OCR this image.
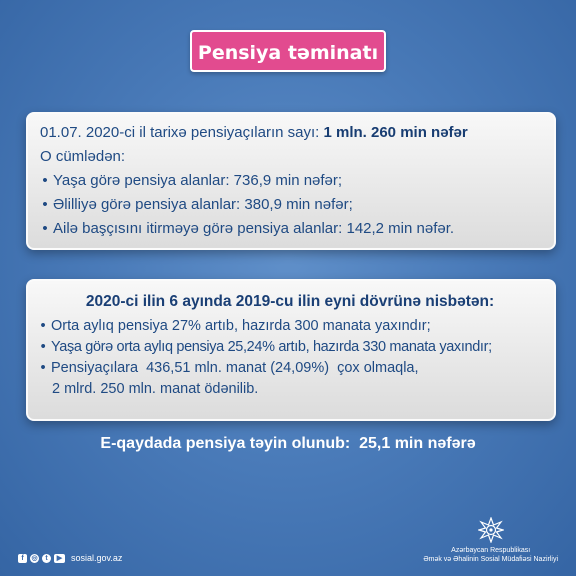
Pensiya təminatı
01.07. 2020-ci il tarixə pensiyaçıların sayı: 1 mln. 260 min nəfər
O cümlədən:
• Yaşa görə pensiya alanlar: 736,9 min nəfər;
• Əlilliyə görə pensiya alanlar: 380,9 min nəfər;
• Ailə başçısını itirməyə görə pensiya alanlar: 142,2 min nəfər.
2020-ci ilin 6 ayında 2019-cu ilin eyni dövrünə nisbətən:
• Orta aylıq pensiya 27% artıb, hazırda 300 manata yaxındır;
• Yaşa görə orta aylıq pensiya 25,24% artıb, hazırda 330 manata yaxındır;
• Pensiyaçılara  436,51 mln. manat (24,09%)  çox olmaqla,
2 mlrd. 250 mln. manat ödənilib.
E-qaydada pensiya təyin olunub:  25,1 min nəfərə
f	◎	t	▶ sosial.gov.az
Azərbaycan Respublikası
Əmək və Əhalinin Sosial Müdafiəsi Nazirliyi
